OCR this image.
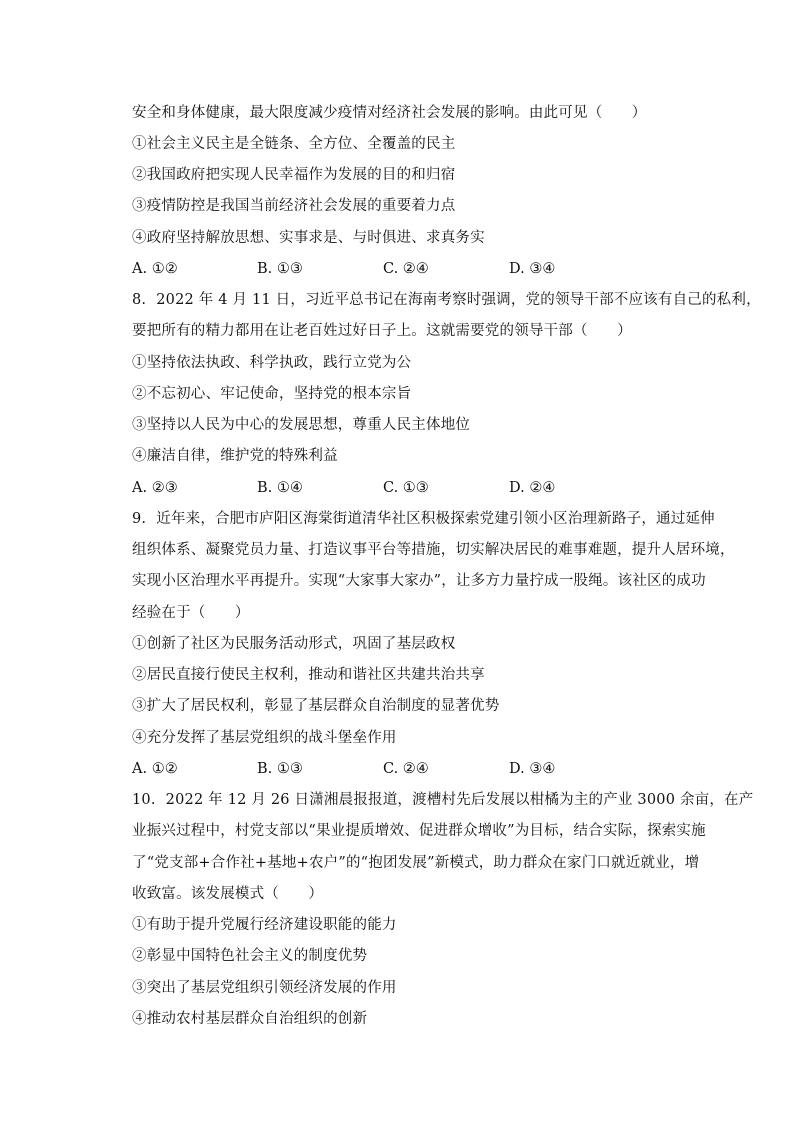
安全和身体健康，最大限度减少疫情对经济社会发展的影响。由此可见（　　）
①社会主义民主是全链条、全方位、全覆盖的民主
②我国政府把实现人民幸福作为发展的目的和归宿
③疫情防控是我国当前经济社会发展的重要着力点
④政府坚持解放思想、实事求是、与时俱进、求真务实
A. ①②	B. ①③	C. ②④	D. ③④
8. 2022 年 4 月 11 日，习近平总书记在海南考察时强调，党的领导干部不应该有自己的私利，
要把所有的精力都用在让老百姓过好日子上。这就需要党的领导干部（　　）
①坚持依法执政、科学执政，践行立党为公
②不忘初心、牢记使命，坚持党的根本宗旨
③坚持以人民为中心的发展思想，尊重人民主体地位
④廉洁自律，维护党的特殊利益
A. ②③	B. ①④	C. ①③	D. ②④
9. 近年来，合肥市庐阳区海棠街道清华社区积极探索党建引领小区治理新路子，通过延伸
组织体系、凝聚党员力量、打造议事平台等措施，切实解决居民的难事难题，提升人居环境，
实现小区治理水平再提升。实现“大家事大家办”，让多方力量拧成一股绳。该社区的成功
经验在于（　　）
①创新了社区为民服务活动形式，巩固了基层政权
②居民直接行使民主权利，推动和谐社区共建共治共享
③扩大了居民权利，彰显了基层群众自治制度的显著优势
④充分发挥了基层党组织的战斗堡垒作用
A. ①②	B. ①③	C. ②④	D. ③④
10. 2022 年 12 月 26 日潇湘晨报报道，渡槽村先后发展以柑橘为主的产业 3000 余亩，在产
业振兴过程中，村党支部以“果业提质增效、促进群众增收”为目标，结合实际，探索实施
了“党支部+合作社+基地+农户”的“抱团发展”新模式，助力群众在家门口就近就业，增
收致富。该发展模式（　　）
①有助于提升党履行经济建设职能的能力
②彰显中国特色社会主义的制度优势
③突出了基层党组织引领经济发展的作用
④推动农村基层群众自治组织的创新
